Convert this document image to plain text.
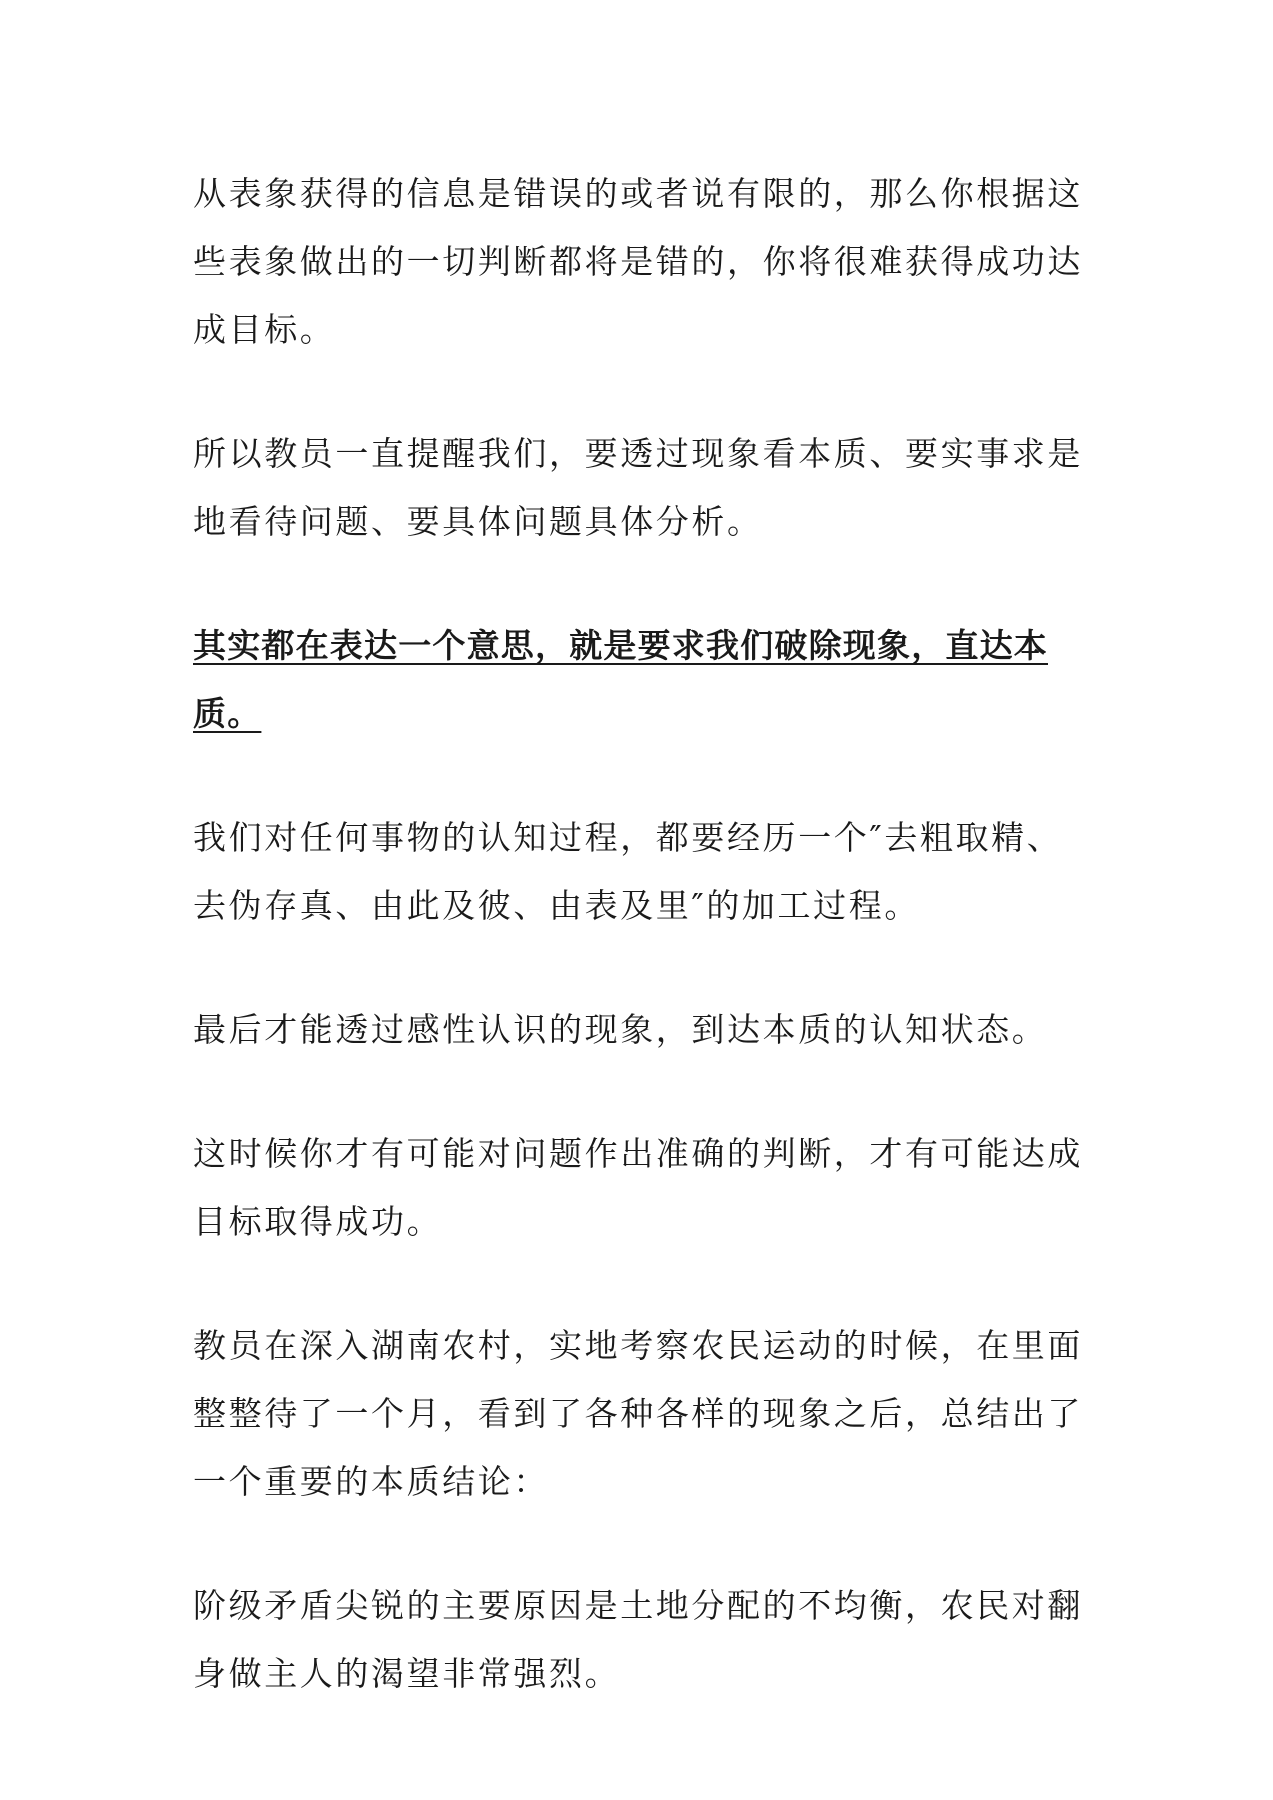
从表象获得的信息是错误的或者说有限的，那么你根据这些表象做出的一切判断都将是错的，你将很难获得成功达成目标。

所以教员一直提醒我们，要透过现象看本质、要实事求是地看待问题、要具体问题具体分析。

其实都在表达一个意思，就是要求我们破除现象，直达本质。

我们对任何事物的认知过程，都要经历一个″去粗取精、去伪存真、由此及彼、由表及里″的加工过程。

最后才能透过感性认识的现象，到达本质的认知状态。

这时候你才有可能对问题作出准确的判断，才有可能达成目标取得成功。

教员在深入湖南农村，实地考察农民运动的时候，在里面整整待了一个月，看到了各种各样的现象之后，总结出了一个重要的本质结论：

阶级矛盾尖锐的主要原因是土地分配的不均衡，农民对翻身做主人的渴望非常强烈。
